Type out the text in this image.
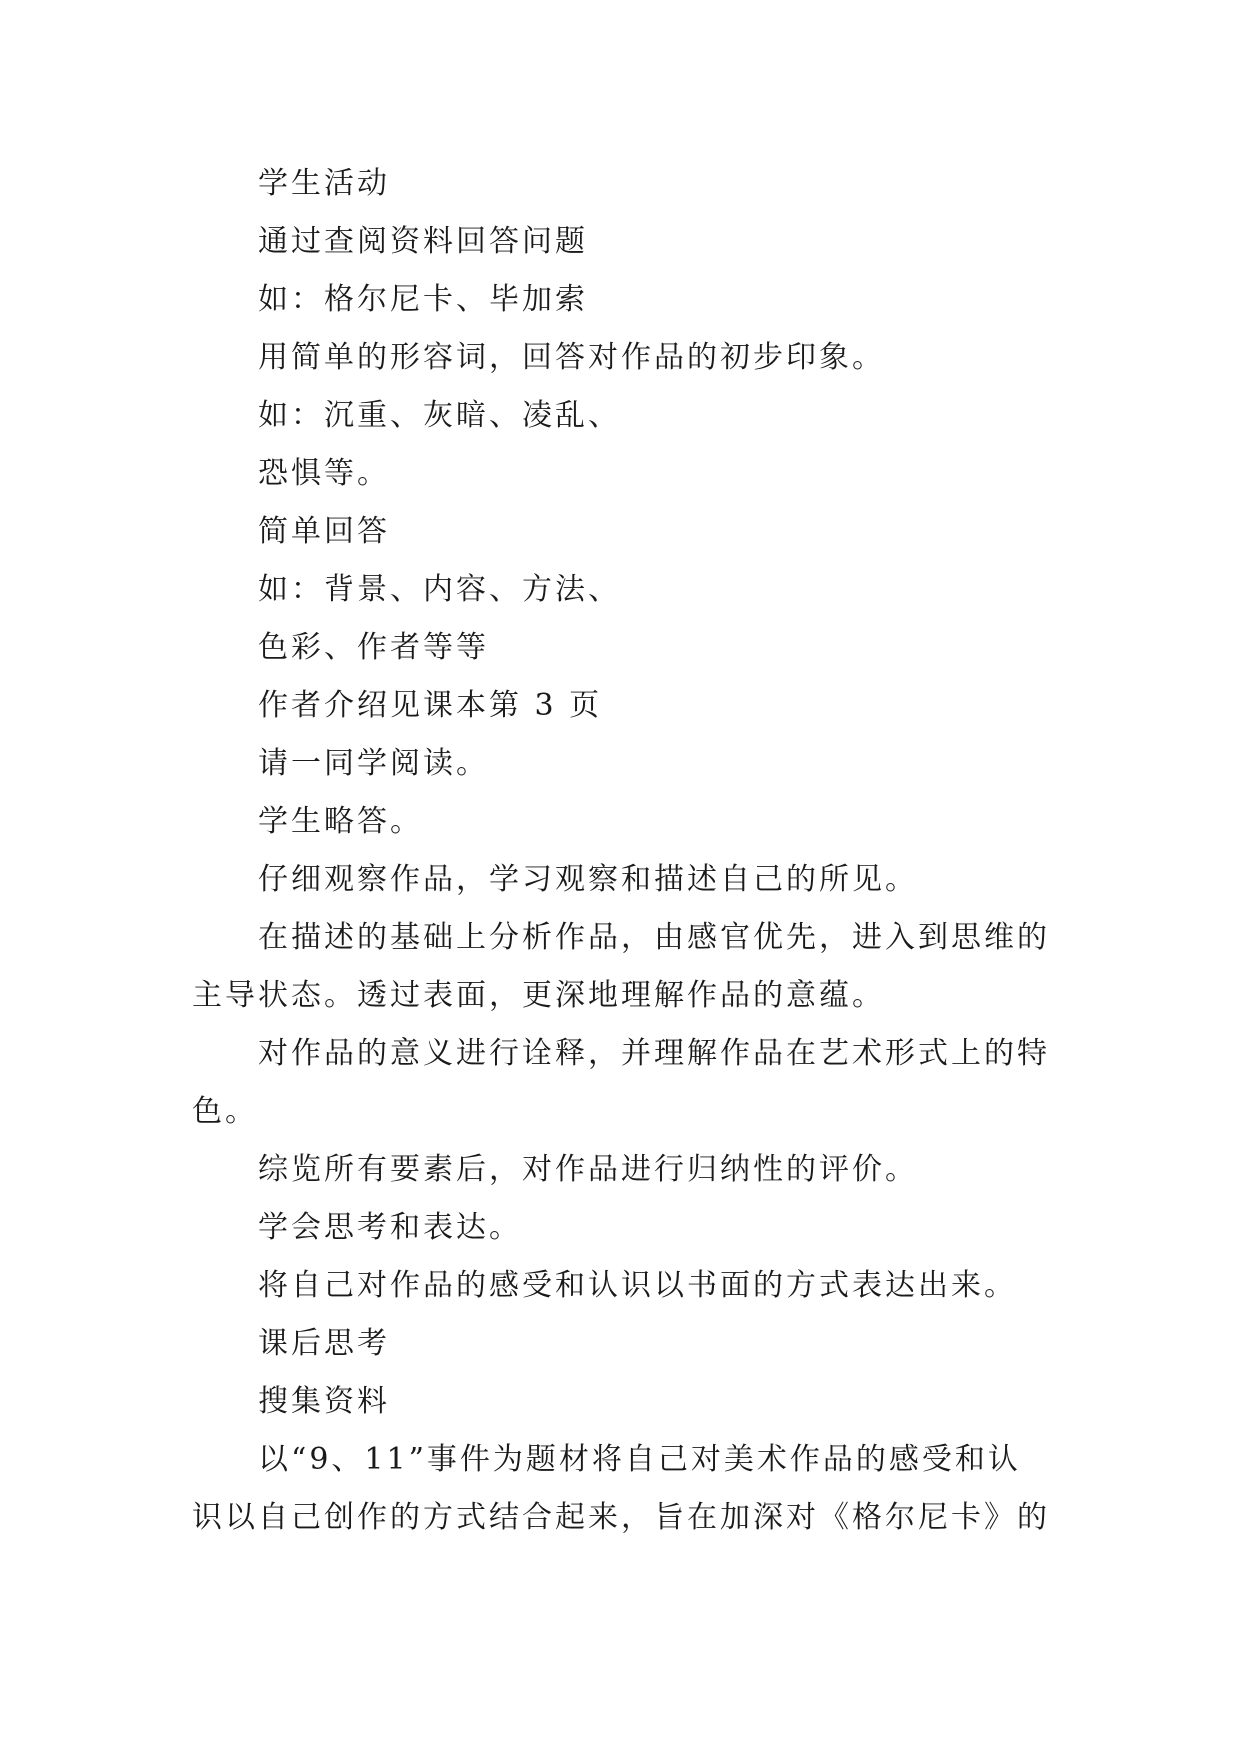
学生活动

通过查阅资料回答问题

如：格尔尼卡、毕加索

用简单的形容词，回答对作品的初步印象。

如：沉重、灰暗、凌乱、

恐惧等。

简单回答

如：背景、内容、方法、

色彩、作者等等

作者介绍见课本第 3 页

请一同学阅读。

学生略答。

仔细观察作品，学习观察和描述自己的所见。

在描述的基础上分析作品，由感官优先，进入到思维的主导状态。透过表面，更深地理解作品的意蕴。

对作品的意义进行诠释，并理解作品在艺术形式上的特色。

综览所有要素后，对作品进行归纳性的评价。

学会思考和表达。

将自己对作品的感受和认识以书面的方式表达出来。

课后思考

搜集资料

以“9、11”事件为题材将自己对美术作品的感受和认识以自己创作的方式结合起来，旨在加深对《格尔尼卡》的
